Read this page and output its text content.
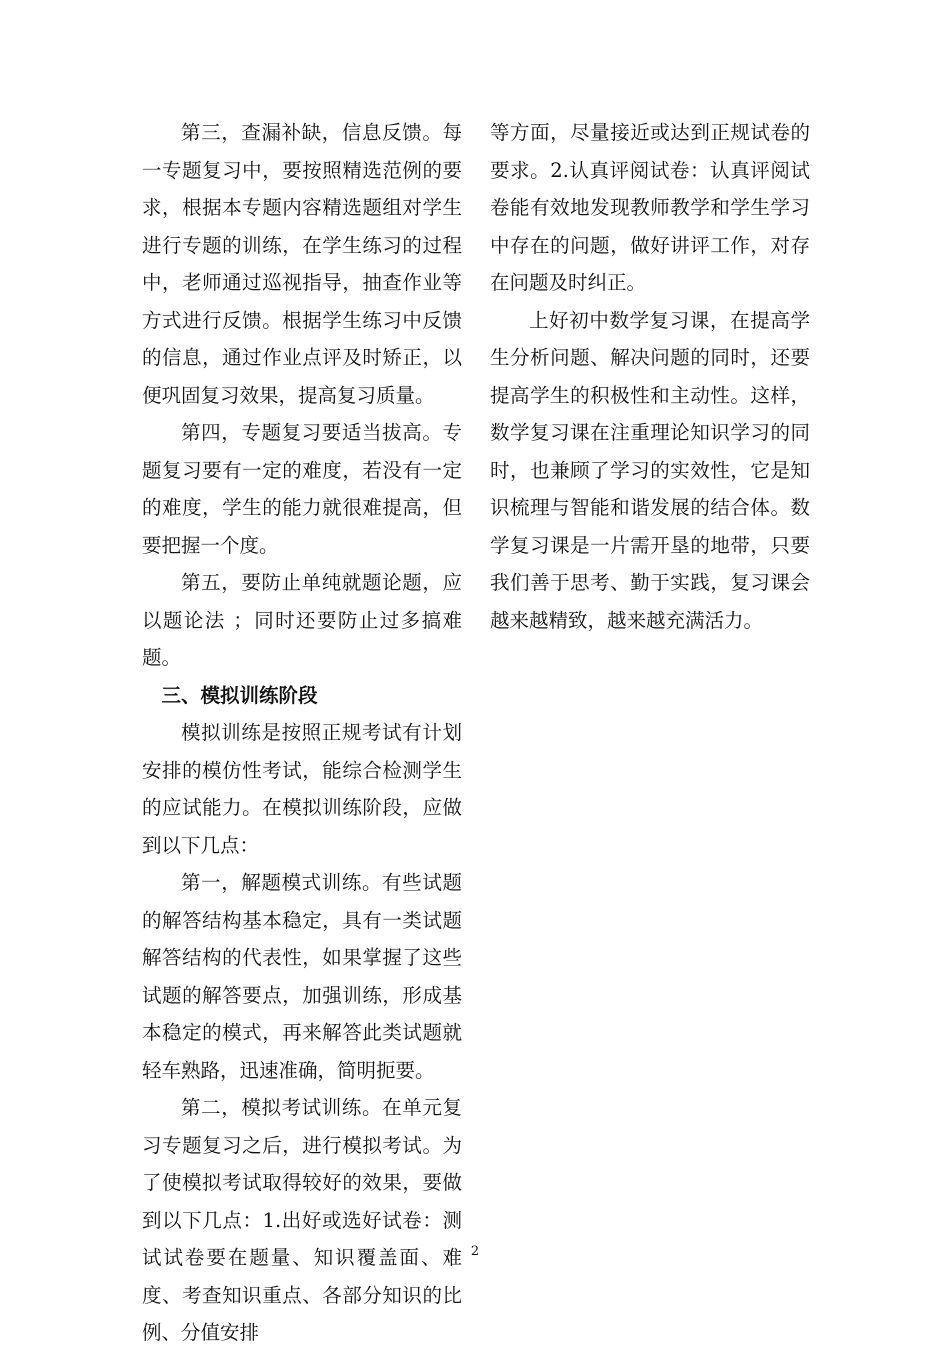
第三，查漏补缺，信息反馈。每一专题复习中，要按照精选范例的要求，根据本专题内容精选题组对学生进行专题的训练，在学生练习的过程中，老师通过巡视指导，抽查作业等方式进行反馈。根据学生练习中反馈的信息，通过作业点评及时矫正，以便巩固复习效果，提高复习质量。

第四，专题复习要适当拔高。专题复习要有一定的难度，若没有一定的难度，学生的能力就很难提高，但要把握一个度。

第五，要防止单纯就题论题，应以题论法 ；同时还要防止过多搞难题。

三、模拟训练阶段

模拟训练是按照正规考试有计划安排的模仿性考试，能综合检测学生的应试能力。在模拟训练阶段，应做到以下几点：

第一，解题模式训练。有些试题的解答结构基本稳定，具有一类试题解答结构的代表性，如果掌握了这些试题的解答要点，加强训练，形成基本稳定的模式，再来解答此类试题就轻车熟路，迅速准确，简明扼要。

第二，模拟考试训练。在单元复习专题复习之后，进行模拟考试。为了使模拟考试取得较好的效果，要做到以下几点：1.出好或选好试卷：测试试卷要在题量、知识覆盖面、难度、考查知识重点、各部分知识的比例、分值安排

等方面，尽量接近或达到正规试卷的要求。2.认真评阅试卷：认真评阅试卷能有效地发现教师教学和学生学习中存在的问题，做好讲评工作，对存在问题及时纠正。

上好初中数学复习课，在提高学生分析问题、解决问题的同时，还要提高学生的积极性和主动性。这样，数学复习课在注重理论知识学习的同时，也兼顾了学习的实效性，它是知识梳理与智能和谐发展的结合体。数学复习课是一片需开垦的地带，只要我们善于思考、勤于实践，复习课会越来越精致，越来越充满活力。

2
